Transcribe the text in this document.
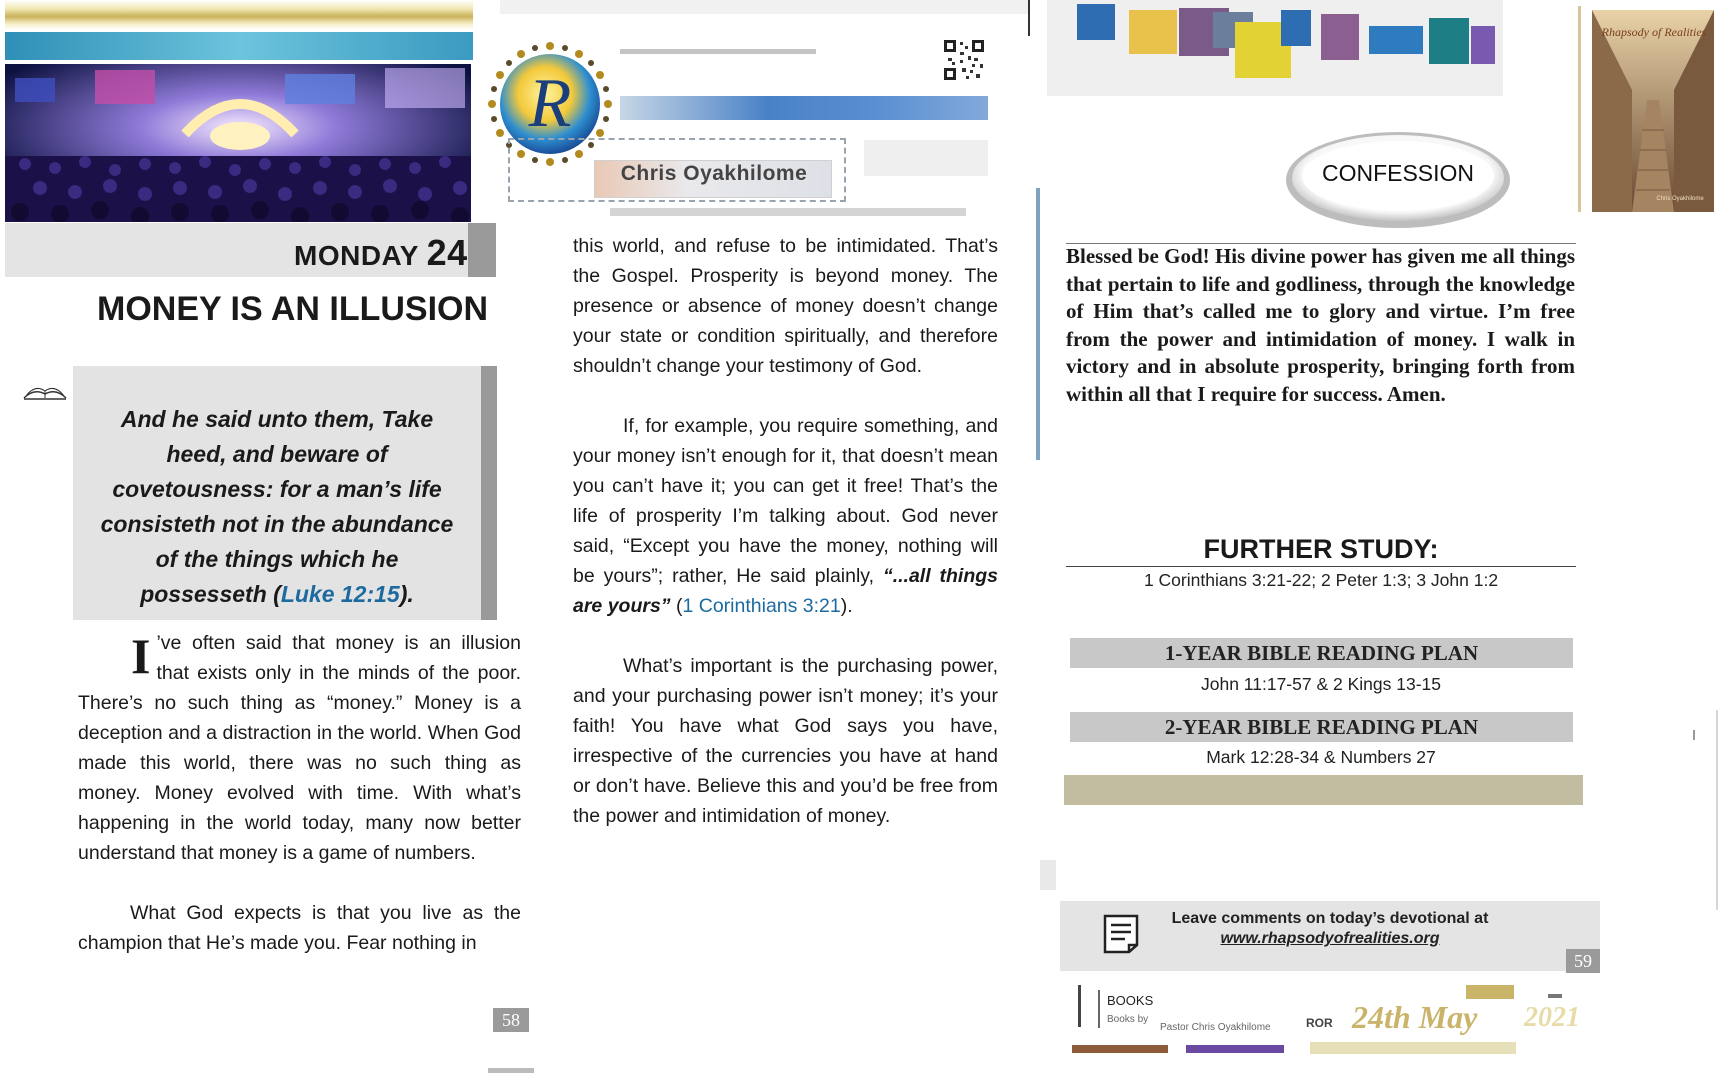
MONDAY 24
MONEY IS AN ILLUSION
And he said unto them, Take heed, and beware of covetousness: for a man’s life consisteth not in the abundance of the things which he possesseth (Luke 12:15).

I ’ve often said that money is an illusion that exists only in the minds of the poor. There’s no such thing as “money.” Money is a deception and a distraction in the world. When God made this world, there was no such thing as money. Money evolved with time. With what’s happening in the world today, many now better understand that money is a game of numbers.

What God expects is that you live as the champion that He’s made you. Fear nothing in

58
R
Chris Oyakhilome

this world, and refuse to be intimidated. That’s the Gospel. Prosperity is beyond money. The presence or absence of money doesn’t change your state or condition spiritually, and therefore shouldn’t change your testimony of God.

If, for example, you require something, and your money isn’t enough for it, that doesn’t mean you can’t have it; you can get it free! That’s the life of prosperity I’m talking about. God never said, “Except you have the money, nothing will be yours”; rather, He said plainly, “...all things are yours” (1 Corinthians 3:21).

What’s important is the purchasing power, and your purchasing power isn’t money; it’s your faith! You have what God says you have, irrespective of the currencies you have at hand or don’t have. Believe this and you’d be free from the power and intimidation of money.

Rhapsody of Realities
Chris Oyakhilome
CONFESSION
Blessed be God! His divine power has given me all things that pertain to life and godliness, through the knowledge of Him that’s called me to glory and virtue. I’m free from the power and intimidation of money. I walk in victory and in absolute prosperity, bringing forth from within all that I require for success. Amen.
FURTHER STUDY:
1 Corinthians 3:21-22; 2 Peter 1:3; 3 John 1:2
1-YEAR BIBLE READING PLAN
John 11:17-57 & 2 Kings 13-15
2-YEAR BIBLE READING PLAN
Mark 12:28-34 & Numbers 27
Leave comments on today’s devotional at
www.rhapsodyofrealities.org
59
BOOKS
Books by
Pastor Chris Oyakhilome	ROR 24th May 2021
